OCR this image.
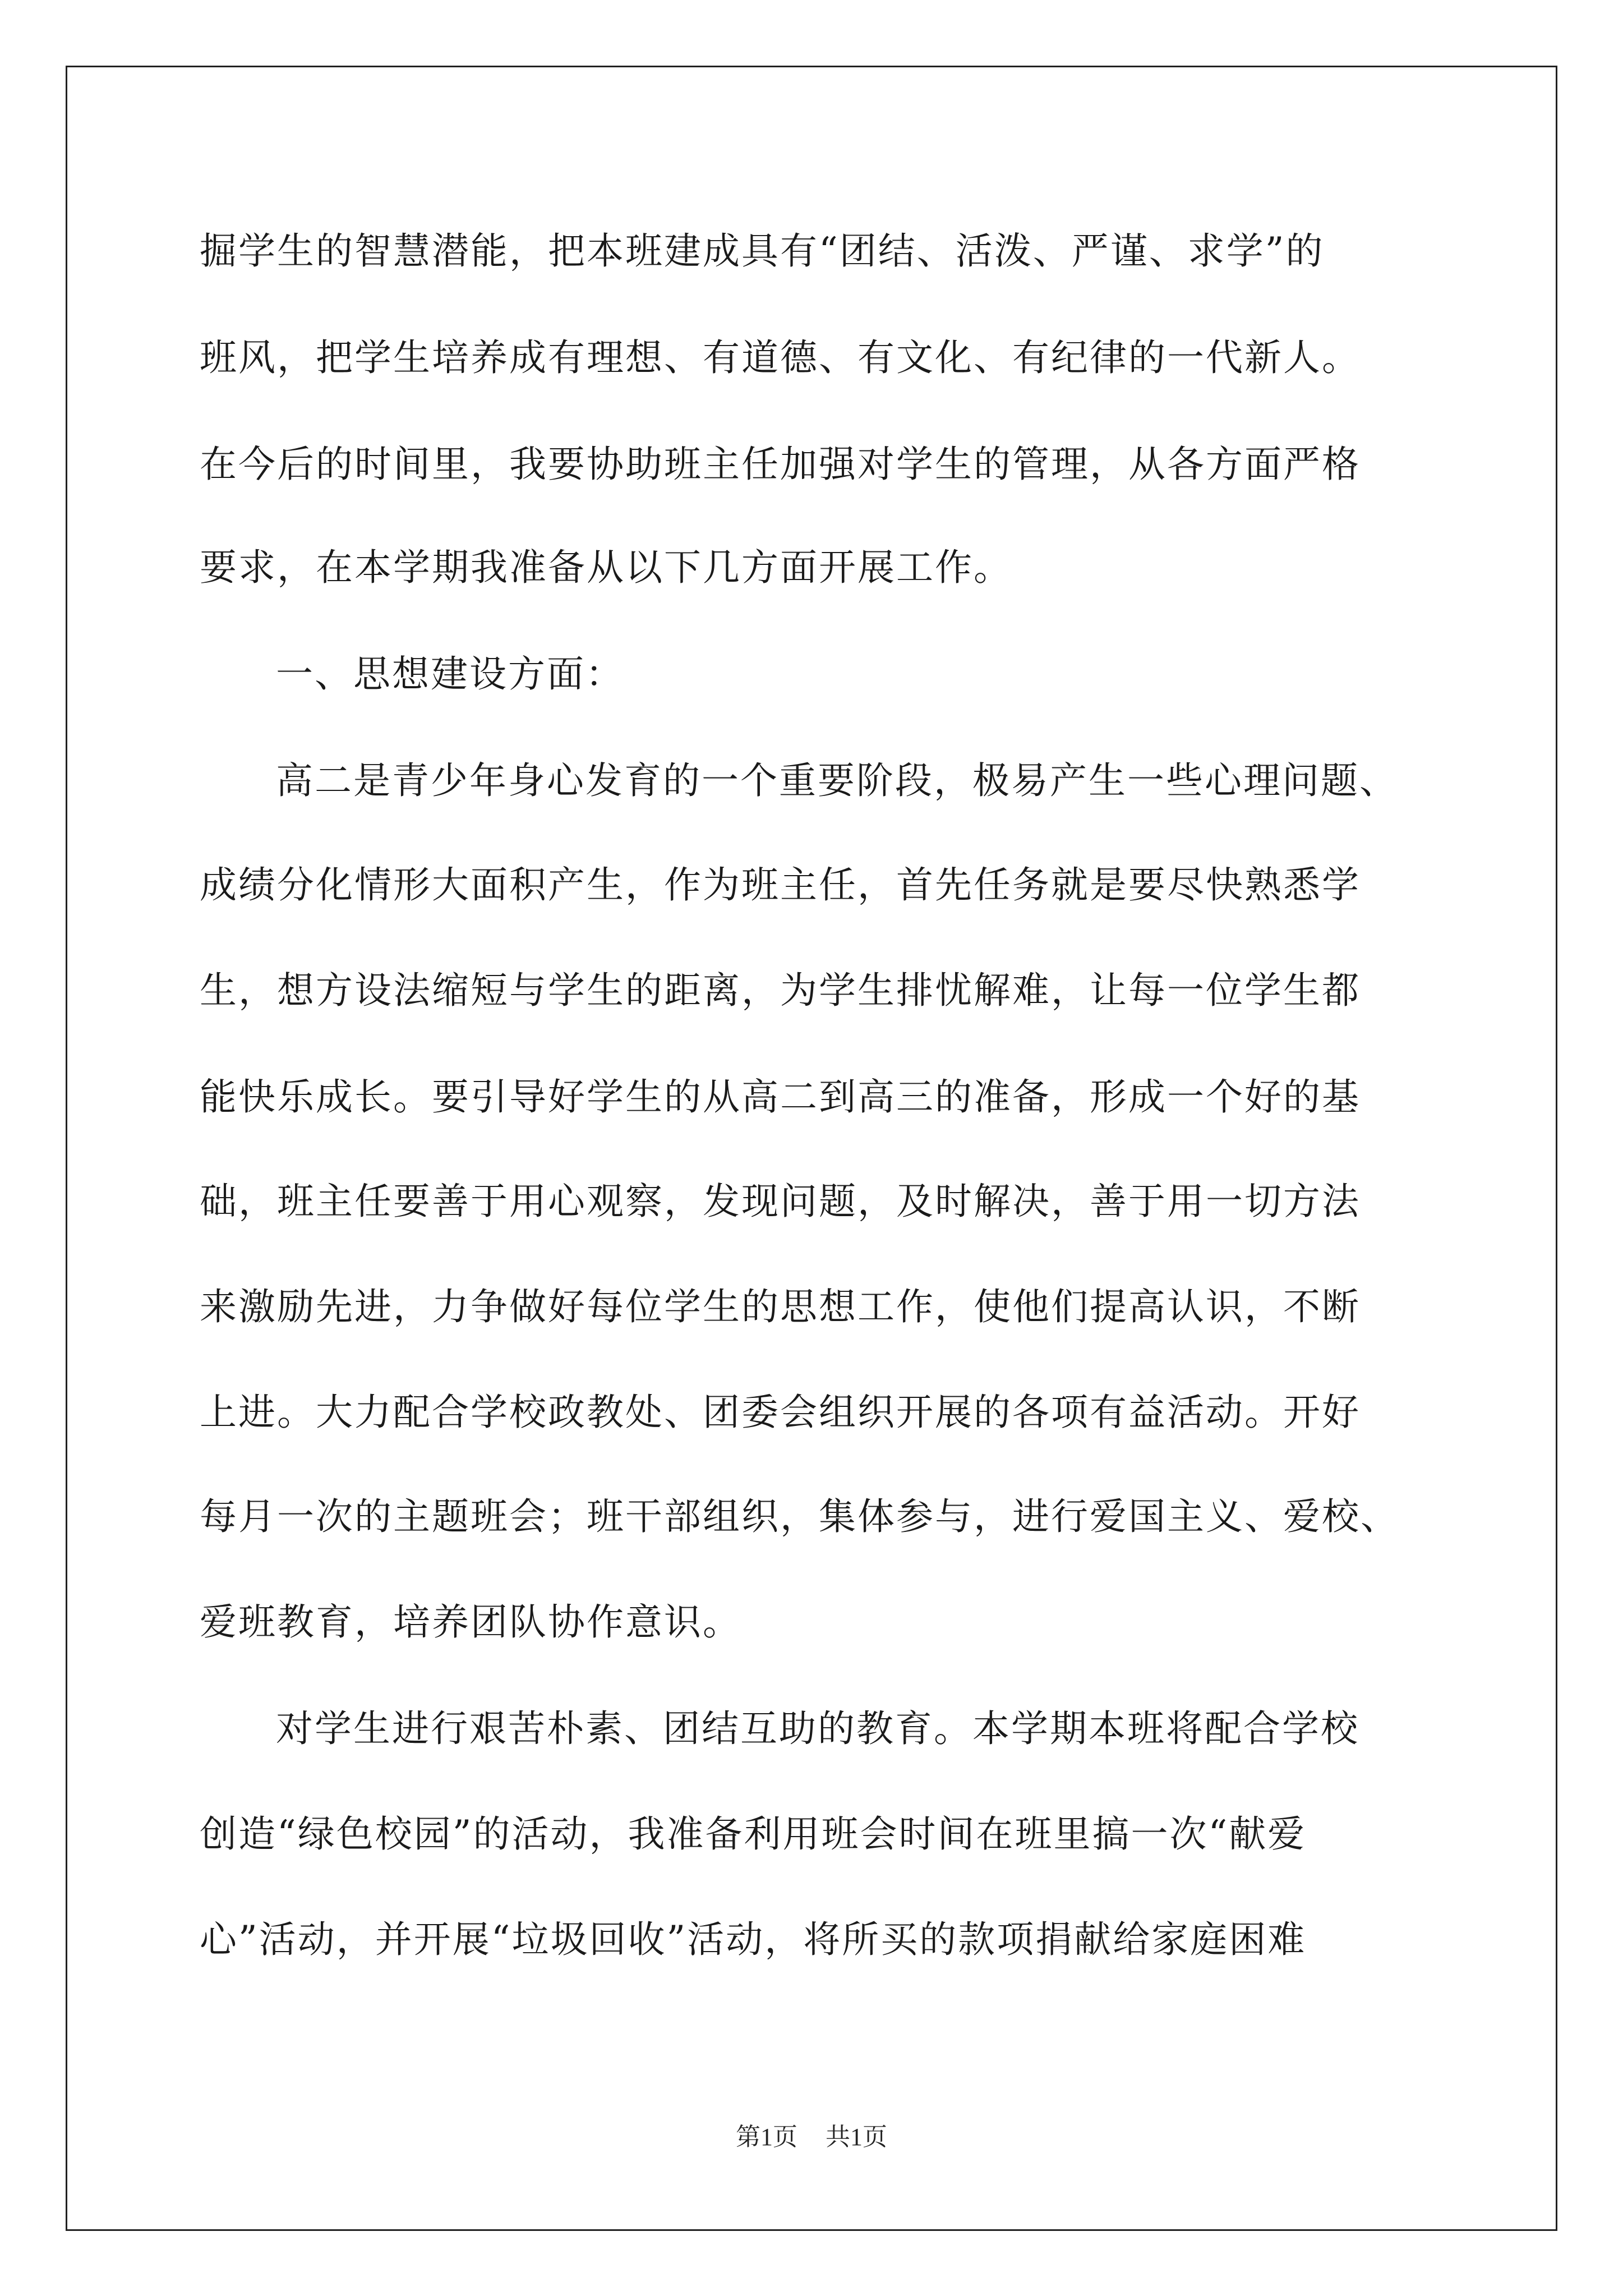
掘学生的智慧潜能，把本班建成具有“团结、活泼、严谨、求学”的
班风，把学生培养成有理想、有道德、有文化、有纪律的一代新人。
在今后的时间里，我要协助班主任加强对学生的管理，从各方面严格
要求，在本学期我准备从以下几方面开展工作。
一、思想建设方面：
高二是青少年身心发育的一个重要阶段，极易产生一些心理问题、
成绩分化情形大面积产生，作为班主任，首先任务就是要尽快熟悉学
生，想方设法缩短与学生的距离，为学生排忧解难，让每一位学生都
能快乐成长。要引导好学生的从高二到高三的准备，形成一个好的基
础，班主任要善于用心观察，发现问题，及时解决，善于用一切方法
来激励先进，力争做好每位学生的思想工作，使他们提高认识，不断
上进。大力配合学校政教处、团委会组织开展的各项有益活动。开好
每月一次的主题班会；班干部组织，集体参与，进行爱国主义、爱校、
爱班教育，培养团队协作意识。
对学生进行艰苦朴素、团结互助的教育。本学期本班将配合学校
创造“绿色校园”的活动，我准备利用班会时间在班里搞一次“献爱
心”活动，并开展“垃圾回收”活动，将所买的款项捐献给家庭困难
第1页 共1页
